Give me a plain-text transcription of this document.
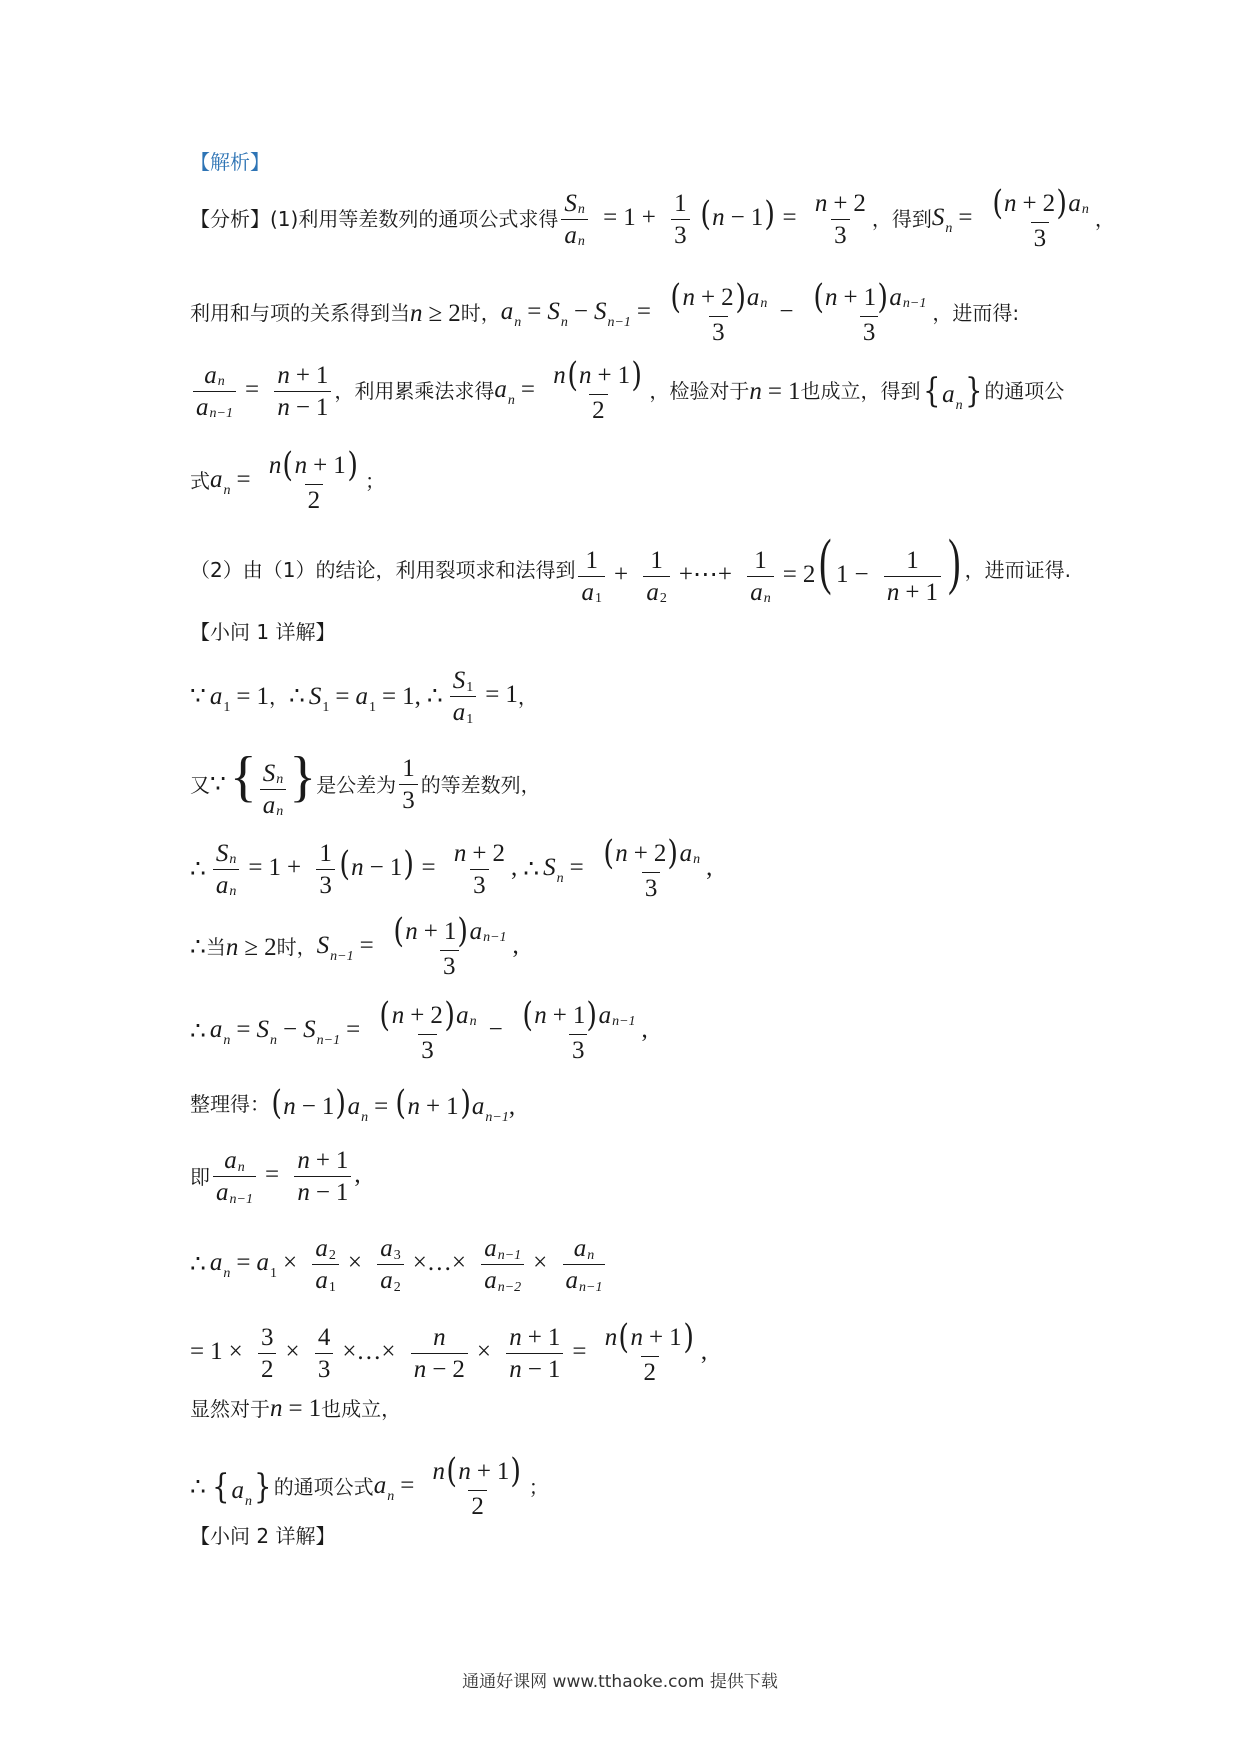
【解析】
【分析】 (1)利用等差数列的通项公式求得 $\frac{\text{S n}}{\text{a n}} = 1 + \frac{1}{3} (n - 1) = \frac{n + 2}{3}$ ，得到 $S_n = \frac{\text{( n + 2 ) a n}}{3}$ ，
利用和与项的关系得到当 n ≥ 2 时， $a_n = S_n - S_{n-1} = \frac{\text{( n + 2 ) a n}}{3} - \frac{\text{( n + 1 ) a n−1}}{3}$ ，进而得:
$\frac{\text{a n}}{\text{a n−1}} = \frac{n + 1}{n - 1}$ ，利用累乘法求得 $a_n = \frac{n ( n + 1 )}{2}$ ，检验对于 n = 1 也成立，得到 $\{a_n\}$ 的通项公
式 $a_n = \frac{n ( n + 1 )}{2}$ ；
（2）由（1）的结论，利用裂项求和法得到 $\frac{1}{a 1} + \frac{1}{a 2}$ +⋯+ $\frac{1}{\text{a n}} = 2$( $1 - \frac{1}{n + 1}$ ) ，进而证得.
【小问 1 详解】
∵ $a_1 = 1$ ， ∴ $S_1 = a_1 = 1$, ∴ $\frac{S 1}{a 1} = 1$ ，
又 ∵ { $\frac{\text{S n}}{\text{a n}}$ } 是公差为 $\frac{1}{3}$ 的等差数列，
∴ $\frac{\text{S n}}{\text{a n}} = 1 + \frac{1}{3} (n - 1) = \frac{n + 2}{3}$ , ∴ $S_n = \frac{\text{( n + 2 ) a n}}{3}$ ,
∴ 当 n ≥ 2 时， $S_{n-1} = \frac{\text{( n + 1 ) a n−1}}{3}$ ,
∴ $a_n = S_n - S_{n-1} = \frac{\text{( n + 2 ) a n}}{3} - \frac{\text{( n + 1 ) a n−1}}{3}$ ,
整理得： $(n - 1)a_n = (n + 1)a_{n-1}$,
即 $\frac{\text{a n}}{\text{a n−1}} = \frac{n + 1}{n - 1}$ ,
∴ $a_n = a_1 \times \frac{a 2}{a 1} \times \frac{a 3}{a 2}$ ×…× $\frac{\text{a n−1}}{\text{a n−2}} \times \frac{\text{a n}}{\text{a n−1}}$
= $1 \times \frac{3}{2} \times \frac{4}{3}$ ×…× $\frac{n}{n - 2} \times \frac{n + 1}{n - 1} = \frac{n ( n + 1 )}{2}$ ,
显然对于 n = 1 也成立，
∴ $\{a_n\}$ 的通项公式 $a_n = \frac{n ( n + 1 )}{2}$ ；
【小问 2 详解】
通通好课网 www.tthaoke.com 提供下载
